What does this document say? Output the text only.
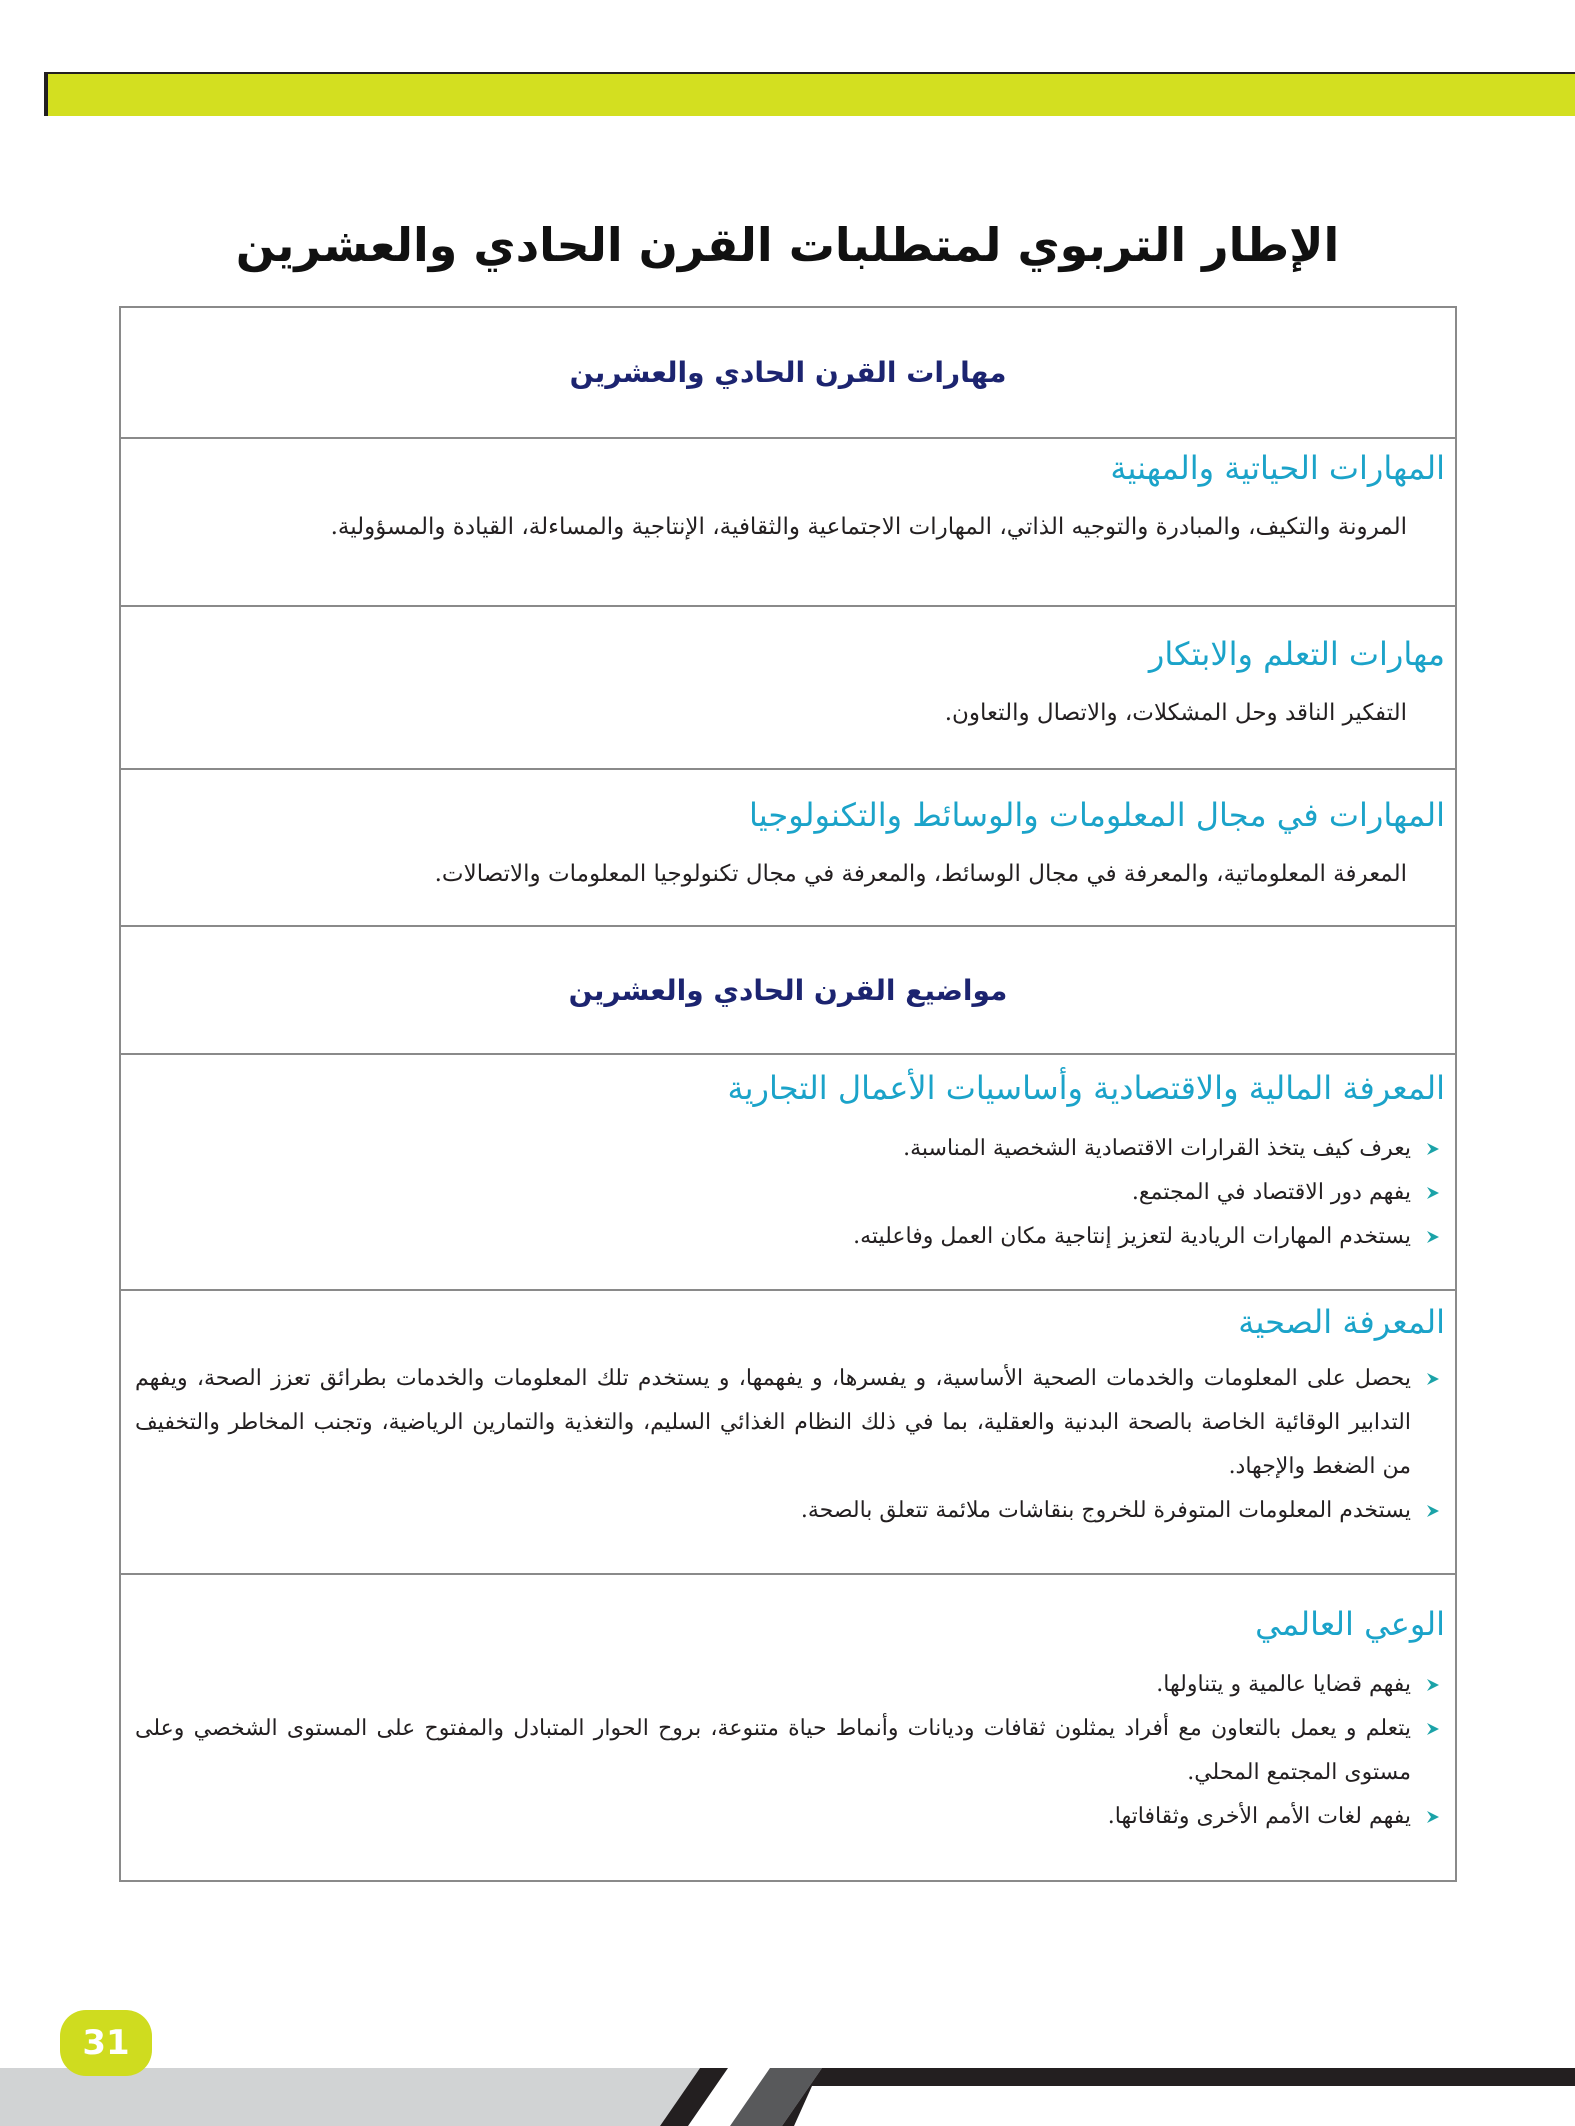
الإطار التربوي لمتطلبات القرن الحادي والعشرين
مهارات القرن الحادي والعشرين
المهارات الحياتية والمهنية
المرونة والتكيف، والمبادرة والتوجيه الذاتي، المهارات الاجتماعية والثقافية، الإنتاجية والمساءلة، القيادة والمسؤولية.
مهارات التعلم والابتكار
التفكير الناقد وحل المشكلات، والاتصال والتعاون.
المهارات في مجال المعلومات والوسائط والتكنولوجيا
المعرفة المعلوماتية، والمعرفة في مجال الوسائط، والمعرفة في مجال تكنولوجيا المعلومات والاتصالات.
مواضيع القرن الحادي والعشرين
المعرفة المالية والاقتصادية وأساسيات الأعمال التجارية
يعرف كيف يتخذ القرارات الاقتصادية الشخصية المناسبة.
يفهم دور الاقتصاد في المجتمع.
يستخدم المهارات الريادية لتعزيز إنتاجية مكان العمل وفاعليته.
المعرفة الصحية
يحصل على المعلومات والخدمات الصحية الأساسية، و يفسرها، و يفهمها، و يستخدم تلك المعلومات والخدمات بطرائق تعزز الصحة، ويفهم التدابير الوقائية الخاصة بالصحة البدنية والعقلية، بما في ذلك النظام الغذائي السليم، والتغذية والتمارين الرياضية، وتجنب المخاطر والتخفيف من الضغط والإجهاد.
يستخدم المعلومات المتوفرة للخروج بنقاشات ملائمة تتعلق بالصحة.
الوعي العالمي
يفهم قضايا عالمية و يتناولها.
يتعلم و يعمل بالتعاون مع أفراد يمثلون ثقافات وديانات وأنماط حياة متنوعة، بروح الحوار المتبادل والمفتوح على المستوى الشخصي وعلى مستوى المجتمع المحلي.
يفهم لغات الأمم الأخرى وثقافاتها.
31
